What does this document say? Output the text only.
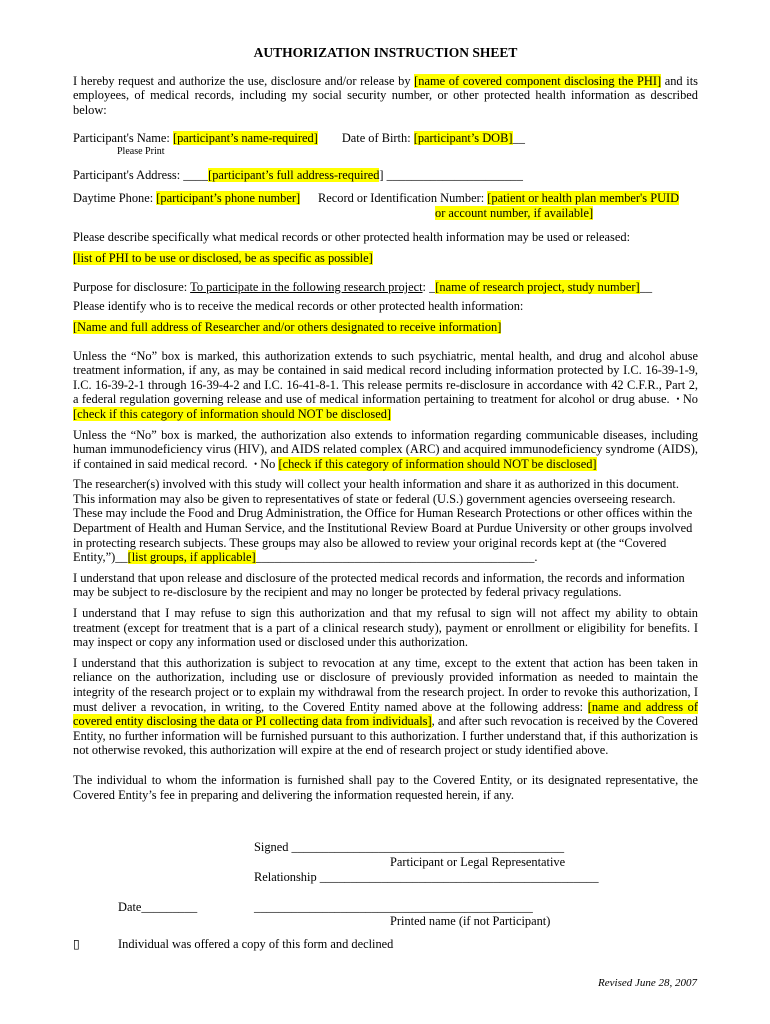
AUTHORIZATION INSTRUCTION SHEET

I hereby request and authorize the use, disclosure and/or release by [name of covered component disclosing the PHI] and its employees, of medical records, including my social security number, or other protected health information as described below:

Participant's Name: [participant’s name-required] Date of Birth: [participant’s DOB]__

Please Print

Participant's Address: ____[participant’s full address-required] ______________________

Daytime Phone: [participant’s phone number] Record or Identification Number: [patient or health plan member's PUID
or account number, if available]

Please describe specifically what medical records or other protected health information may be used or released:

[list of PHI to be use or disclosed, be as specific as possible]

Purpose for disclosure: To participate in the following research project: _[name of research project, study number]__

Please identify who is to receive the medical records or other protected health information:

[Name and full address of Researcher and/or others designated to receive information]

Unless the “No” box is marked, this authorization extends to such psychiatric, mental health, and drug and alcohol abuse treatment information, if any, as may be contained in said medical record including information protected by I.C. 16-39-1-9, I.C. 16-39-2-1 through 16-39-4-2 and I.C. 16-41-8-1. This release permits re-disclosure in accordance with 42 C.F.R., Part 2, a federal regulation governing release and use of medical information pertaining to treatment for alcohol or drug abuse. • No [check if this category of information should NOT be disclosed]

Unless the “No” box is marked, the authorization also extends to information regarding communicable diseases, including human immunodeficiency virus (HIV), and AIDS related complex (ARC) and acquired immunodeficiency syndrome (AIDS), if contained in said medical record. • No [check if this category of information should NOT be disclosed]

The researcher(s) involved with this study will collect your health information and share it as authorized in this document. This information may also be given to representatives of state or federal (U.S.) government agencies overseeing research. These may include the Food and Drug Administration, the Office for Human Research Protections or other offices within the Department of Health and Human Service, and the Institutional Review Board at Purdue University or other groups involved in protecting research subjects. These groups may also be allowed to review your original records kept at (the “Covered Entity,”)__[list groups, if applicable]_____________________________________________.

I understand that upon release and disclosure of the protected medical records and information, the records and information may be subject to re-disclosure by the recipient and may no longer be protected by federal privacy regulations.

I understand that I may refuse to sign this authorization and that my refusal to sign will not affect my ability to obtain treatment (except for treatment that is a part of a clinical research study), payment or enrollment or eligibility for benefits. I may inspect or copy any information used or disclosed under this authorization.

I understand that this authorization is subject to revocation at any time, except to the extent that action has been taken in reliance on the authorization, including use or disclosure of previously provided information as needed to maintain the integrity of the research project or to explain my withdrawal from the research project. In order to revoke this authorization, I must deliver a revocation, in writing, to the Covered Entity named above at the following address: [name and address of covered entity disclosing the data or PI collecting data from individuals], and after such revocation is received by the Covered Entity, no further information will be furnished pursuant to this authorization. I further understand that, if this authorization is not otherwise revoked, this authorization will expire at the end of research project or study identified above.

The individual to whom the information is furnished shall pay to the Covered Entity, or its designated representative, the Covered Entity’s fee in preparing and delivering the information requested herein, if any.

Signed ____________________________________________
Participant or Legal Representative
Relationship _____________________________________________
Date_________	_____________________________________________
Printed name (if not Participant)
▯	Individual was offered a copy of this form and declined
Revised June 28, 2007
